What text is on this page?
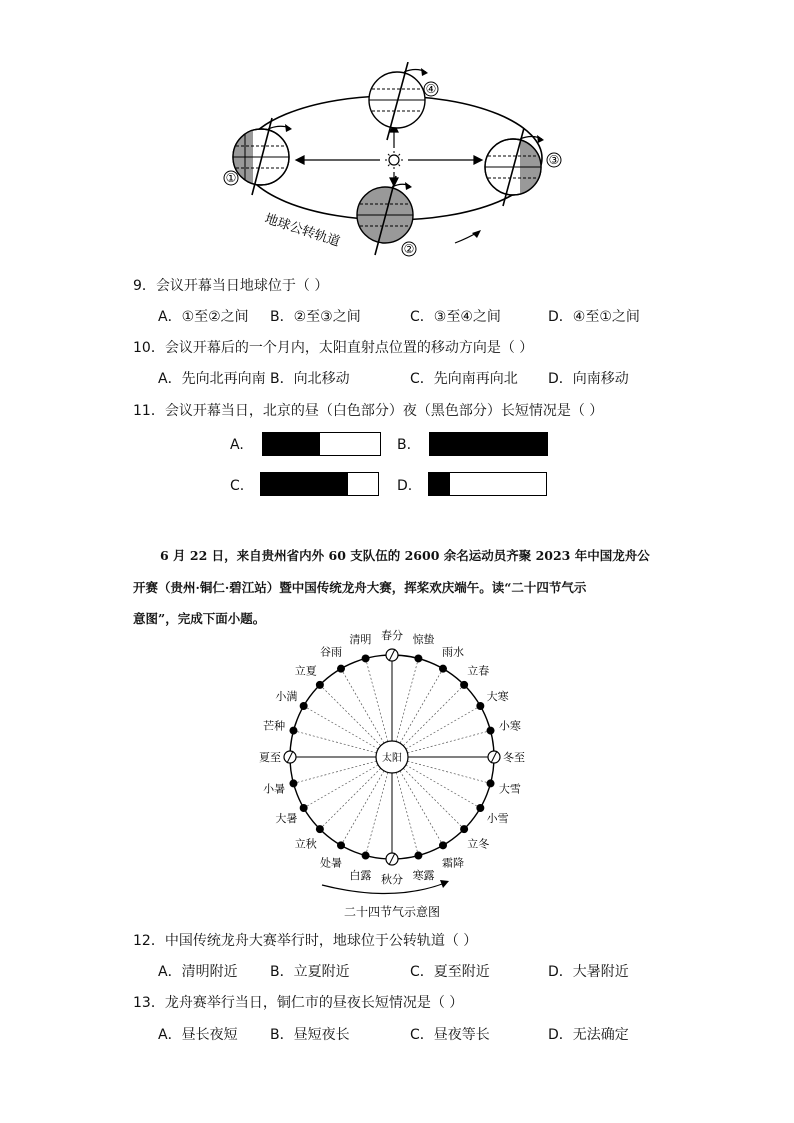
①
②
③
④
地球公转轨道
9．会议开幕当日地球位于（ ）
A．①至②之间 B．②至③之间	C．③至④之间	D．④至①之间
10．会议开幕后的一个月内，太阳直射点位置的移动方向是（ ）
A．先向北再向南 B．向北移动	C．先向南再向北 D．向南移动
11．会议开幕当日，北京的昼（白色部分）夜（黑色部分）长短情况是（ ）
A.	B.
C.	D.
6 月 22 日，来自贵州省内外 60 支队伍的 2600 余名运动员齐聚 2023 年中国龙舟公
开赛（贵州·铜仁·碧江站）暨中国传统龙舟大赛，挥桨欢庆端午。读“二十四节气示
意图”，完成下面小题。
太阳
春分 惊蛰
雨水
立春
大寒
小寒
冬至
大雪
小雪
立冬
霜降
寒露
秋分
白露
处暑
立秋
大暑
小暑
夏至
芒种
小满
立夏
谷雨
清明
二十四节气示意图
12．中国传统龙舟大赛举行时，地球位于公转轨道（ ）
A．清明附近 B．立夏附近	C．夏至附近	D．大暑附近
13．龙舟赛举行当日，铜仁市的昼夜长短情况是（ ）
A．昼长夜短 B．昼短夜长	C．昼夜等长	D．无法确定
